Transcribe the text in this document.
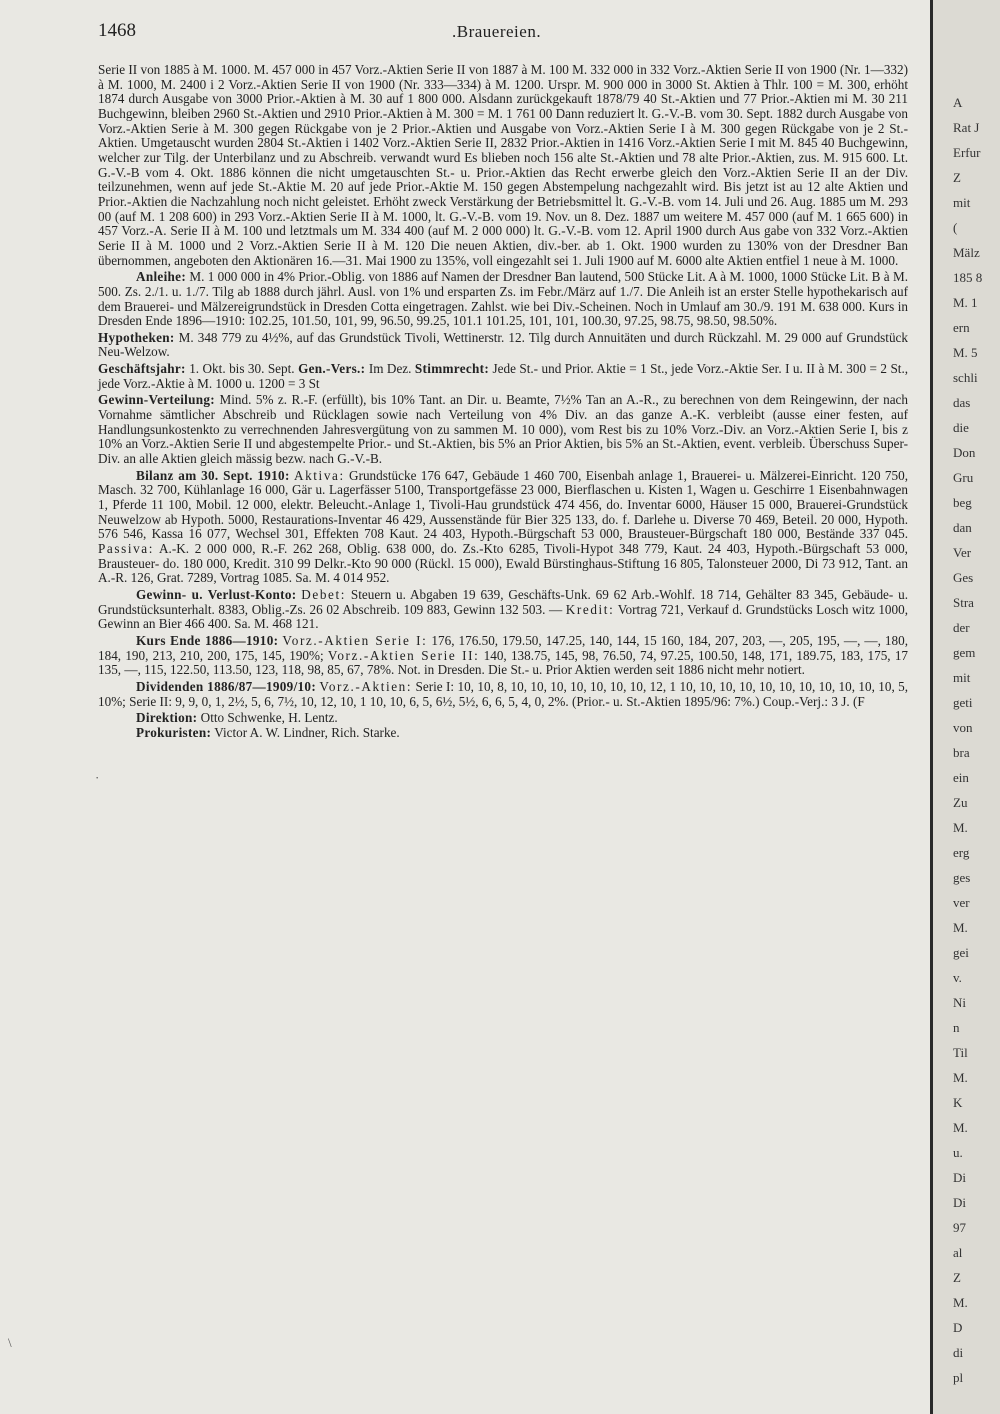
1468	.Brauereien.

Serie II von 1885 à M. 1000. M. 457 000 in 457 Vorz.-Aktien Serie II von 1887 à M. 100 M. 332 000 in 332 Vorz.-Aktien Serie II von 1900 (Nr. 1—332) à M. 1000, M. 2400 i 2 Vorz.-Aktien Serie II von 1900 (Nr. 333—334) à M. 1200. Urspr. M. 900 000 in 3000 St. Aktien à Thlr. 100 = M. 300, erhöht 1874 durch Ausgabe von 3000 Prior.-Aktien à M. 30 auf 1 800 000. Alsdann zurückgekauft 1878/79 40 St.-Aktien und 77 Prior.-Aktien mi M. 30 211 Buchgewinn, bleiben 2960 St.-Aktien und 2910 Prior.-Aktien à M. 300 = M. 1 761 00 Dann reduziert lt. G.-V.-B. vom 30. Sept. 1882 durch Ausgabe von Vorz.-Aktien Serie à M. 300 gegen Rückgabe von je 2 Prior.-Aktien und Ausgabe von Vorz.-Aktien Serie I à M. 300 gegen Rückgabe von je 2 St.-Aktien. Umgetauscht wurden 2804 St.-Aktien i 1402 Vorz.-Aktien Serie II, 2832 Prior.-Aktien in 1416 Vorz.-Aktien Serie I mit M. 845 40 Buchgewinn, welcher zur Tilg. der Unterbilanz und zu Abschreib. verwandt wurd Es blieben noch 156 alte St.-Aktien und 78 alte Prior.-Aktien, zus. M. 915 600. Lt. G.-V.-B vom 4. Okt. 1886 können die nicht umgetauschten St.- u. Prior.-Aktien das Recht erwerbe gleich den Vorz.-Aktien Serie II an der Div. teilzunehmen, wenn auf jede St.-Aktie M. 20 auf jede Prior.-Aktie M. 150 gegen Abstempelung nachgezahlt wird. Bis jetzt ist au 12 alte Aktien und Prior.-Aktien die Nachzahlung noch nicht geleistet. Erhöht zweck Verstärkung der Betriebsmittel lt. G.-V.-B. vom 14. Juli und 26. Aug. 1885 um M. 293 00 (auf M. 1 208 600) in 293 Vorz.-Aktien Serie II à M. 1000, lt. G.-V.-B. vom 19. Nov. un 8. Dez. 1887 um weitere M. 457 000 (auf M. 1 665 600) in 457 Vorz.-A. Serie II à M. 100 und letztmals um M. 334 400 (auf M. 2 000 000) lt. G.-V.-B. vom 12. April 1900 durch Aus gabe von 332 Vorz.-Aktien Serie II à M. 1000 und 2 Vorz.-Aktien Serie II à M. 120 Die neuen Aktien, div.-ber. ab 1. Okt. 1900 wurden zu 130% von der Dresdner Ban übernommen, angeboten den Aktionären 16.—31. Mai 1900 zu 135%, voll eingezahlt sei 1. Juli 1900 auf M. 6000 alte Aktien entfiel 1 neue à M. 1000.

Anleihe: M. 1 000 000 in 4% Prior.-Oblig. von 1886 auf Namen der Dresdner Ban lautend, 500 Stücke Lit. A à M. 1000, 1000 Stücke Lit. B à M. 500. Zs. 2./1. u. 1./7. Tilg ab 1888 durch jährl. Ausl. von 1% und ersparten Zs. im Febr./März auf 1./7. Die Anleih ist an erster Stelle hypothekarisch auf dem Brauerei- und Mälzereigrundstück in Dresden Cotta eingetragen. Zahlst. wie bei Div.-Scheinen. Noch in Umlauf am 30./9. 191 M. 638 000. Kurs in Dresden Ende 1896—1910: 102.25, 101.50, 101, 99, 96.50, 99.25, 101.1 101.25, 101, 101, 100.30, 97.25, 98.75, 98.50, 98.50%.

Hypotheken: M. 348 779 zu 4½%, auf das Grundstück Tivoli, Wettinerstr. 12. Tilg durch Annuitäten und durch Rückzahl. M. 29 000 auf Grundstück Neu-Welzow.

Geschäftsjahr: 1. Okt. bis 30. Sept. Gen.-Vers.: Im Dez. Stimmrecht: Jede St.- und Prior. Aktie = 1 St., jede Vorz.-Aktie Ser. I u. II à M. 300 = 2 St., jede Vorz.-Aktie à M. 1000 u. 1200 = 3 St

Gewinn-Verteilung: Mind. 5% z. R.-F. (erfüllt), bis 10% Tant. an Dir. u. Beamte, 7½% Tan an A.-R., zu berechnen von dem Reingewinn, der nach Vornahme sämtlicher Abschreib und Rücklagen sowie nach Verteilung von 4% Div. an das ganze A.-K. verbleibt (ausse einer festen, auf Handlungsunkostenkto zu verrechnenden Jahresvergütung von zu sammen M. 10 000), vom Rest bis zu 10% Vorz.-Div. an Vorz.-Aktien Serie I, bis z 10% an Vorz.-Aktien Serie II und abgestempelte Prior.- und St.-Aktien, bis 5% an Prior Aktien, bis 5% an St.-Aktien, event. verbleib. Überschuss Super-Div. an alle Aktien gleich mässig bezw. nach G.-V.-B.

Bilanz am 30. Sept. 1910: Aktiva: Grundstücke 176 647, Gebäude 1 460 700, Eisenbah anlage 1, Brauerei- u. Mälzerei-Einricht. 120 750, Masch. 32 700, Kühlanlage 16 000, Gär u. Lagerfässer 5100, Transportgefässe 23 000, Bierflaschen u. Kisten 1, Wagen u. Geschirre 1 Eisenbahnwagen 1, Pferde 11 100, Mobil. 12 000, elektr. Beleucht.-Anlage 1, Tivoli-Hau grundstück 474 456, do. Inventar 6000, Häuser 15 000, Brauerei-Grundstück Neuwelzow ab Hypoth. 5000, Restaurations-Inventar 46 429, Aussenstände für Bier 325 133, do. f. Darlehe u. Diverse 70 469, Beteil. 20 000, Hypoth. 576 546, Kassa 16 077, Wechsel 301, Effekten 708 Kaut. 24 403, Hypoth.-Bürgschaft 53 000, Brausteuer-Bürgschaft 180 000, Bestände 337 045. Passiva: A.-K. 2 000 000, R.-F. 262 268, Oblig. 638 000, do. Zs.-Kto 6285, Tivoli-Hypot 348 779, Kaut. 24 403, Hypoth.-Bürgschaft 53 000, Brausteuer- do. 180 000, Kredit. 310 99 Delkr.-Kto 90 000 (Rückl. 15 000), Ewald Bürstinghaus-Stiftung 16 805, Talonsteuer 2000, Di 73 912, Tant. an A.-R. 126, Grat. 7289, Vortrag 1085. Sa. M. 4 014 952.

Gewinn- u. Verlust-Konto: Debet: Steuern u. Abgaben 19 639, Geschäfts-Unk. 69 62 Arb.-Wohlf. 18 714, Gehälter 83 345, Gebäude- u. Grundstücksunterhalt. 8383, Oblig.-Zs. 26 02 Abschreib. 109 883, Gewinn 132 503. — Kredit: Vortrag 721, Verkauf d. Grundstücks Losch witz 1000, Gewinn an Bier 466 400. Sa. M. 468 121.

Kurs Ende 1886—1910: Vorz.-Aktien Serie I: 176, 176.50, 179.50, 147.25, 140, 144, 15 160, 184, 207, 203, —, 205, 195, —, —, 180, 184, 190, 213, 210, 200, 175, 145, 190%; Vorz.-Aktien Serie II: 140, 138.75, 145, 98, 76.50, 74, 97.25, 100.50, 148, 171, 189.75, 183, 175, 17 135, —, 115, 122.50, 113.50, 123, 118, 98, 85, 67, 78%. Not. in Dresden. Die St.- u. Prior Aktien werden seit 1886 nicht mehr notiert.

Dividenden 1886/87—1909/10: Vorz.-Aktien: Serie I: 10, 10, 8, 10, 10, 10, 10, 10, 10, 10, 12, 1 10, 10, 10, 10, 10, 10, 10, 10, 10, 10, 10, 5, 10%; Serie II: 9, 9, 0, 1, 2½, 5, 6, 7½, 10, 12, 10, 1 10, 10, 6, 5, 6½, 5½, 6, 6, 5, 4, 0, 2%. (Prior.- u. St.-Aktien 1895/96: 7%.) Coup.-Verj.: 3 J. (F

Direktion: Otto Schwenke, H. Lentz.

Prokuristen: Victor A. W. Lindner, Rich. Starke.

A
Rat J
Erfur
Z
mit
(
Mälz
185 8
M. 1
ern
M. 5
schli
das
die
Don
Gru
beg
dan
Ver
Ges
Stra
der
gem
mit
geti
von
bra
ein
Zu
M.
erg
ges
ver
M.
gei
v.
Ni
n
Til
M.
K
M.
u.
Di
Di
97
al
Z
M.
D
di
pl
·
\
